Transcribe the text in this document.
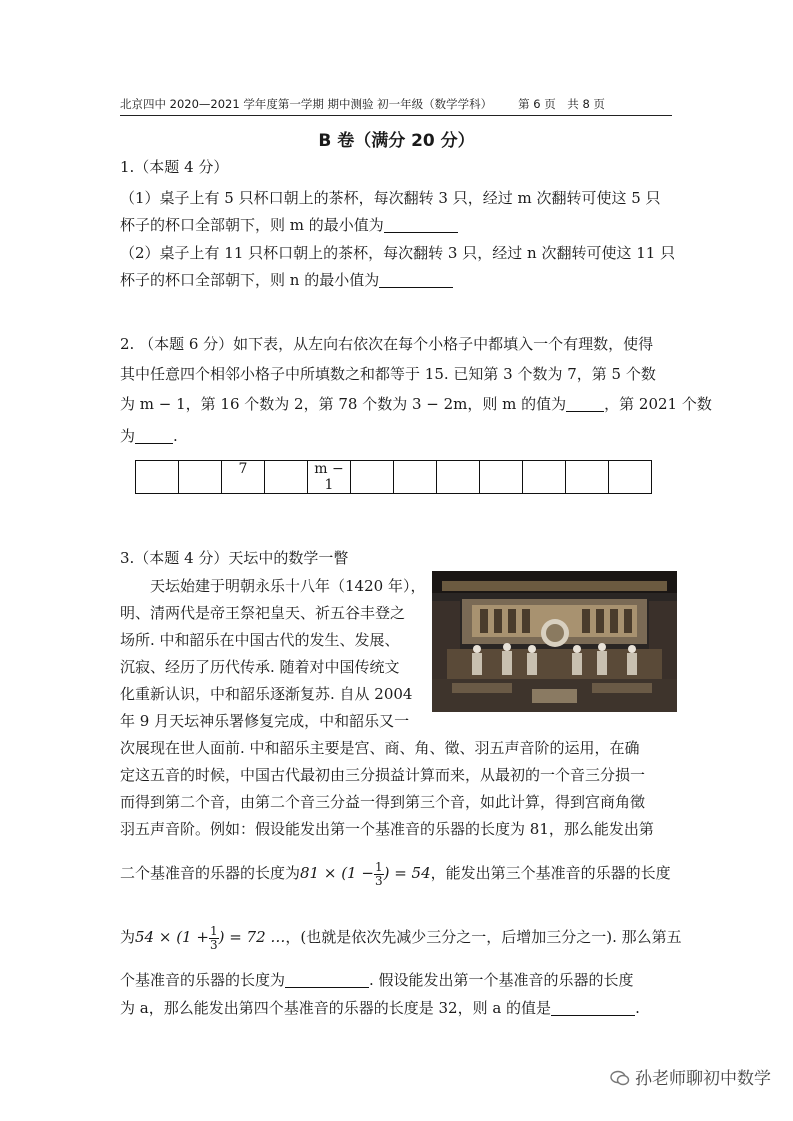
北京四中 2020—2021 学年度第一学期 期中测验 初一年级（数学学科） 第 6 页　共 8 页
B 卷（满分 20 分）
1.（本题 4 分）
（1）桌子上有 5 只杯口朝上的茶杯，每次翻转 3 只，经过 m 次翻转可使这 5 只
杯子的杯口全部朝下，则 m 的最小值为
（2）桌子上有 11 只杯口朝上的茶杯，每次翻转 3 只，经过 n 次翻转可使这 11 只
杯子的杯口全部朝下，则 n 的最小值为
2. （本题 6 分）如下表，从左向右依次在每个小格子中都填入一个有理数，使得
其中任意四个相邻小格子中所填数之和都等于 15. 已知第 3 个数为 7，第 5 个数
为 m − 1，第 16 个数为 2，第 78 个数为 3 − 2m，则 m 的值为	，第 2021 个数
为	.
		7		m − 1							
3.（本题 4 分）天坛中的数学一瞥
天坛始建于明朝永乐十八年（1420 年），
明、清两代是帝王祭祀皇天、祈五谷丰登之
场所. 中和韶乐在中国古代的发生、发展、
沉寂、经历了历代传承. 随着对中国传统文
化重新认识，中和韶乐逐渐复苏. 自从 2004
年 9 月天坛神乐署修复完成，中和韶乐又一
次展现在世人面前. 中和韶乐主要是宫、商、角、徵、羽五声音阶的运用，在确
定这五音的时候，中国古代最初由三分损益计算而来，从最初的一个音三分损一
而得到第二个音，由第二个音三分益一得到第三个音，如此计算，得到宫商角徵
羽五声音阶。例如：假设能发出第一个基准音的乐器的长度为 81，那么能发出第
二个基准音的乐器的长度为$81 \times (1 - \frac{1}{3}$ ) = 54，能发出第三个基准音的乐器的长度
为$54 \times (1 + \frac{1}{3}$ ) = 72 …，(也就是依次先减少三分之一，后增加三分之一). 那么第五
个基准音的乐器的长度为	. 假设能发出第一个基准音的乐器的长度
为 a，那么能发出第四个基准音的乐器的长度是 32，则 a 的值是	.
孙老师聊初中数学
